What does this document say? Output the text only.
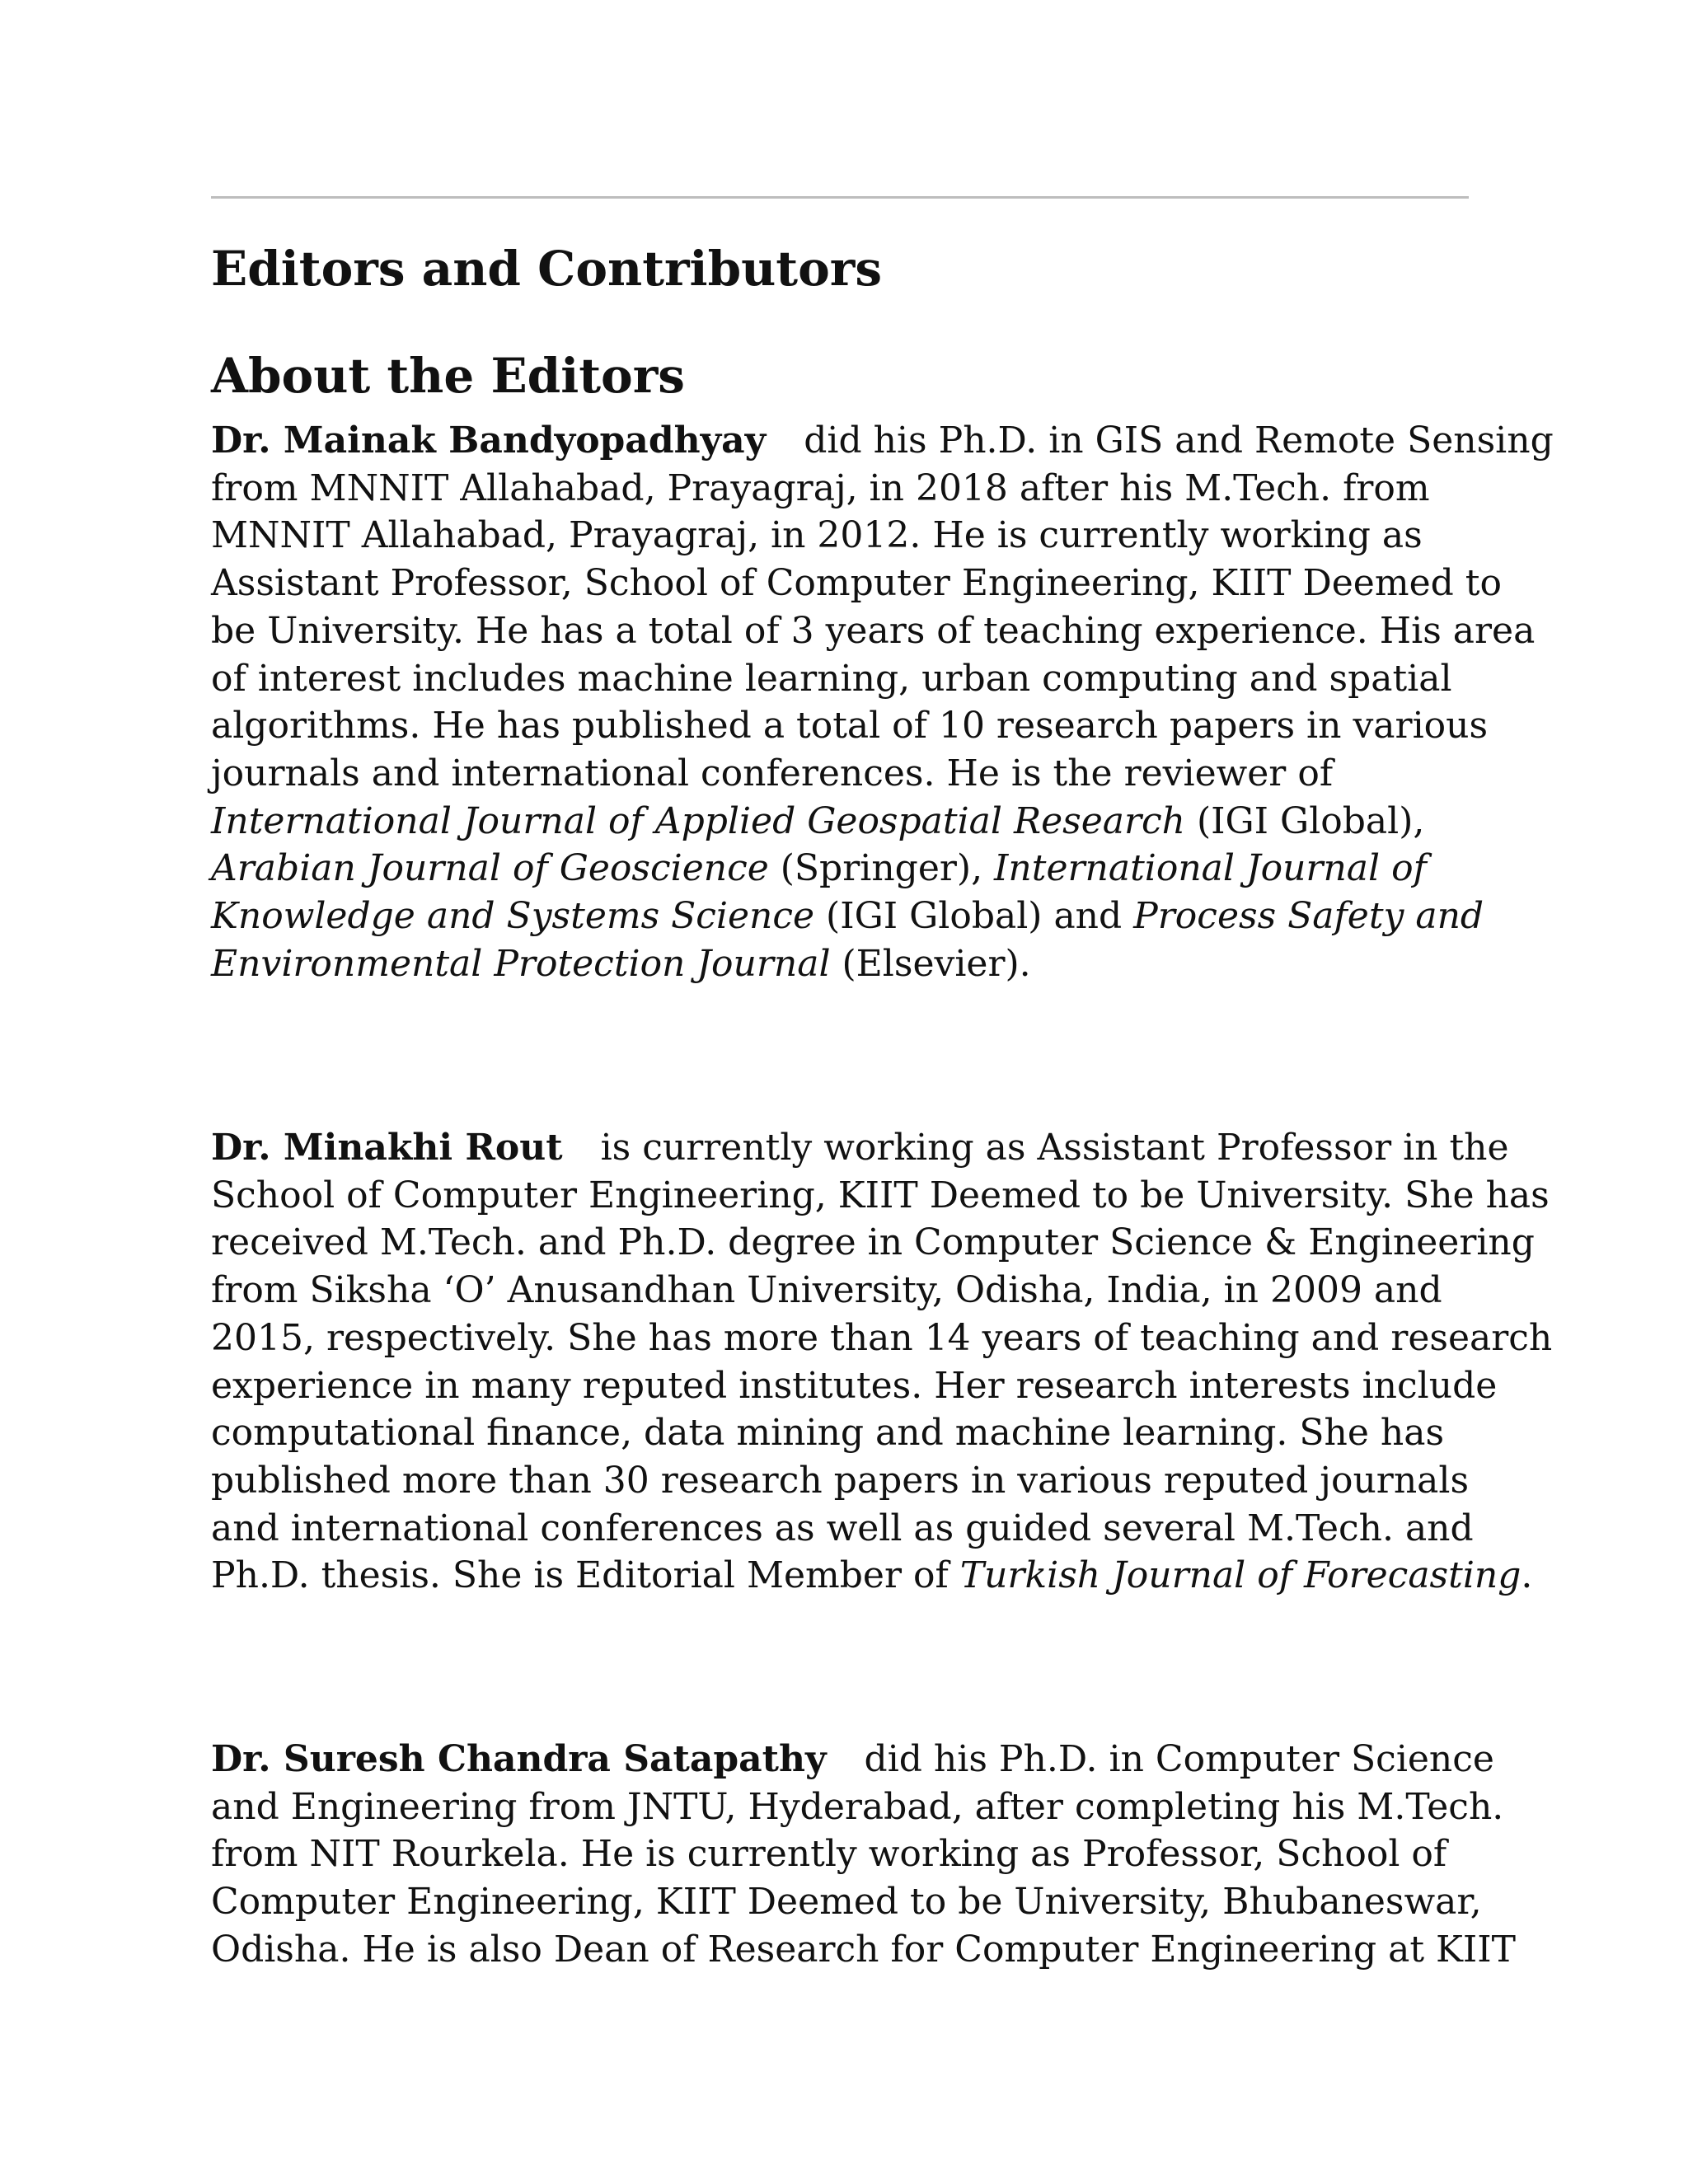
Editors and Contributors
About the Editors

Dr. Mainak Bandyopadhyay did his Ph.D. in GIS and Remote Sensing
from MNNIT Allahabad, Prayagraj, in 2018 after his M.Tech. from
MNNIT Allahabad, Prayagraj, in 2012. He is currently working as
Assistant Professor, School of Computer Engineering, KIIT Deemed to
be University. He has a total of 3 years of teaching experience. His area
of interest includes machine learning, urban computing and spatial
algorithms. He has published a total of 10 research papers in various
journals and international conferences. He is the reviewer of
International Journal of Applied Geospatial Research (IGI Global),
Arabian Journal of Geoscience (Springer), International Journal of
Knowledge and Systems Science (IGI Global) and Process Safety and
Environmental Protection Journal (Elsevier).

Dr. Minakhi Rout is currently working as Assistant Professor in the
School of Computer Engineering, KIIT Deemed to be University. She has
received M.Tech. and Ph.D. degree in Computer Science & Engineering
from Siksha ‘O’ Anusandhan University, Odisha, India, in 2009 and
2015, respectively. She has more than 14 years of teaching and research
experience in many reputed institutes. Her research interests include
computational finance, data mining and machine learning. She has
published more than 30 research papers in various reputed journals
and international conferences as well as guided several M.Tech. and
Ph.D. thesis. She is Editorial Member of Turkish Journal of Forecasting.

Dr. Suresh Chandra Satapathy did his Ph.D. in Computer Science
and Engineering from JNTU, Hyderabad, after completing his M.Tech.
from NIT Rourkela. He is currently working as Professor, School of
Computer Engineering, KIIT Deemed to be University, Bhubaneswar,
Odisha. He is also Dean of Research for Computer Engineering at KIIT
